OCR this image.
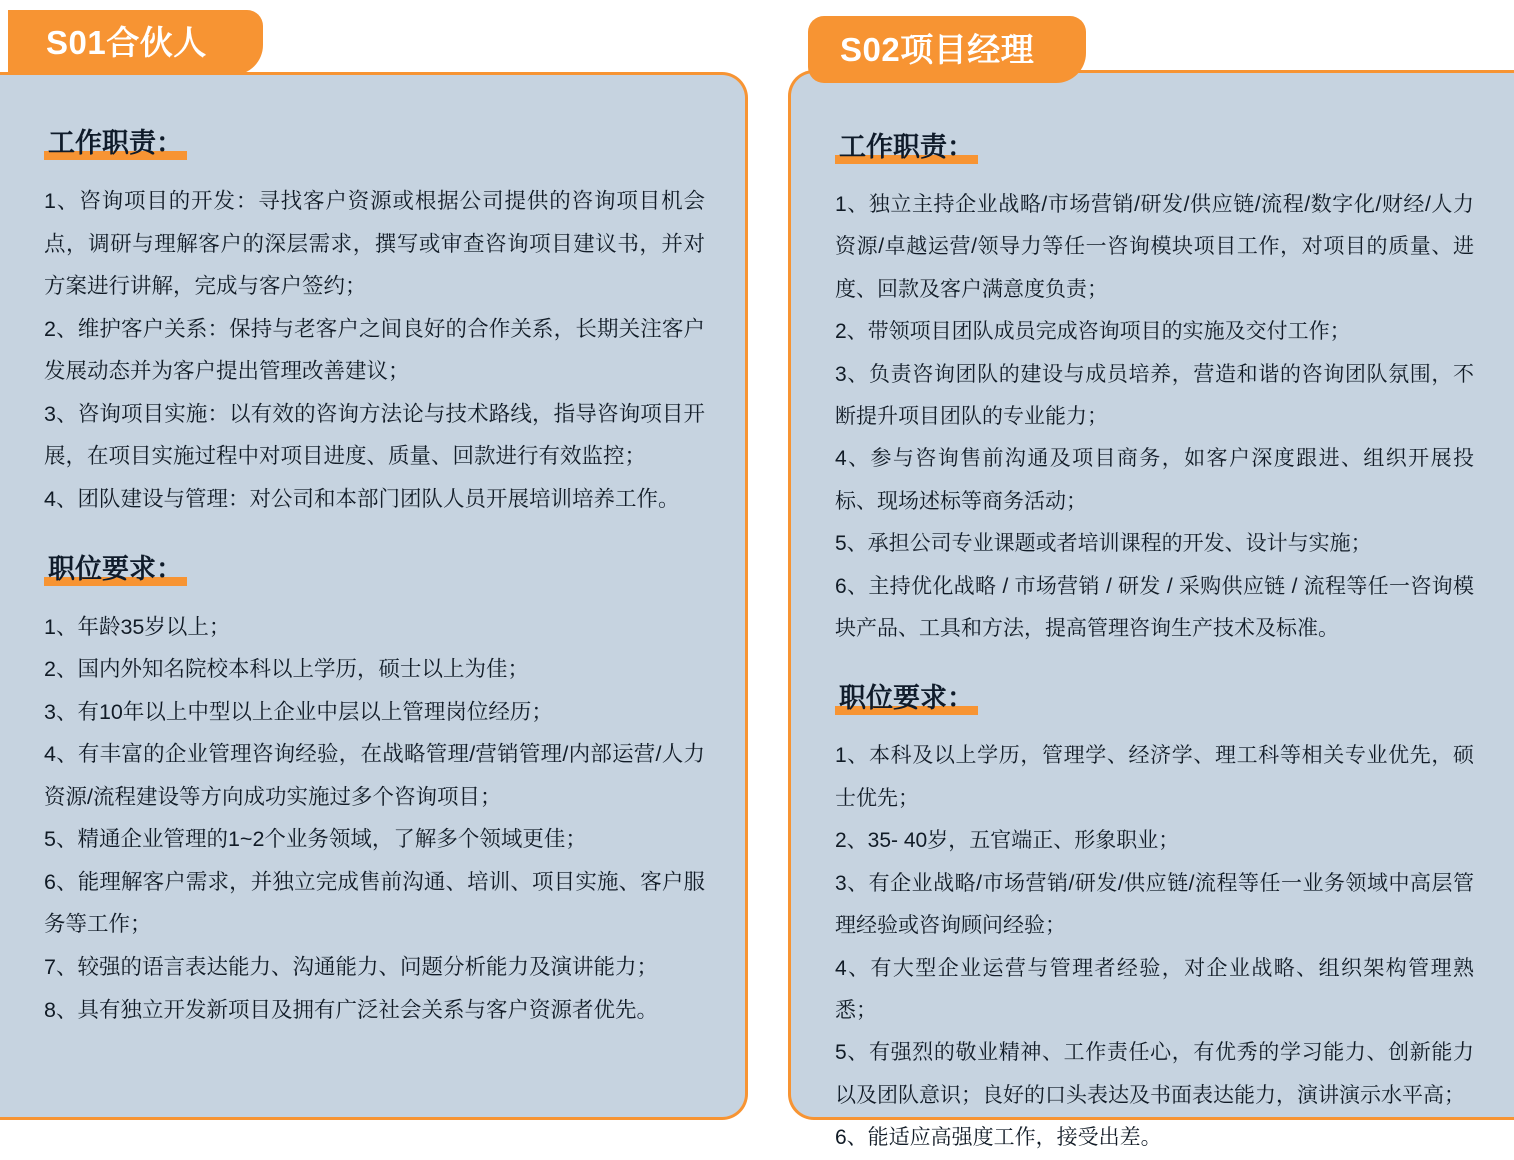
工作职责：

1、咨询项目的开发：寻找客户资源或根据公司提供的咨询项目机会点，调研与理解客户的深层需求，撰写或审查咨询项目建议书，并对方案进行讲解，完成与客户签约；

2、维护客户关系：保持与老客户之间良好的合作关系，长期关注客户发展动态并为客户提出管理改善建议；

3、咨询项目实施：以有效的咨询方法论与技术路线，指导咨询项目开展，在项目实施过程中对项目进度、质量、回款进行有效监控；

4、团队建设与管理：对公司和本部门团队人员开展培训培养工作。

职位要求：

1、年龄35岁以上；

2、国内外知名院校本科以上学历，硕士以上为佳；

3、有10年以上中型以上企业中层以上管理岗位经历；

4、有丰富的企业管理咨询经验，在战略管理/营销管理/内部运营/人力资源/流程建设等方向成功实施过多个咨询项目；

5、精通企业管理的1~2个业务领域，了解多个领域更佳；

6、能理解客户需求，并独立完成售前沟通、培训、项目实施、客户服务等工作；

7、较强的语言表达能力、沟通能力、问题分析能力及演讲能力；

8、具有独立开发新项目及拥有广泛社会关系与客户资源者优先。

S01合伙人
工作职责：

1、独立主持企业战略/市场营销/研发/供应链/流程/数字化/财经/人力资源/卓越运营/领导力等任一咨询模块项目工作，对项目的质量、进度、回款及客户满意度负责；

2、带领项目团队成员完成咨询项目的实施及交付工作；

3、负责咨询团队的建设与成员培养，营造和谐的咨询团队氛围，不断提升项目团队的专业能力；

4、参与咨询售前沟通及项目商务，如客户深度跟进、组织开展投标、现场述标等商务活动；

5、承担公司专业课题或者培训课程的开发、设计与实施；

6、主持优化战略 / 市场营销 / 研发 / 采购供应链 / 流程等任一咨询模块产品、工具和方法，提高管理咨询生产技术及标准。

职位要求：

1、本科及以上学历，管理学、经济学、理工科等相关专业优先，硕士优先；

2、35- 40岁，五官端正、形象职业；

3、有企业战略/市场营销/研发/供应链/流程等任一业务领域中高层管理经验或咨询顾问经验；

4、有大型企业运营与管理者经验，对企业战略、组织架构管理熟悉；

5、有强烈的敬业精神、工作责任心，有优秀的学习能力、创新能力以及团队意识；良好的口头表达及书面表达能力，演讲演示水平高；

6、能适应高强度工作，接受出差。

S02项目经理
